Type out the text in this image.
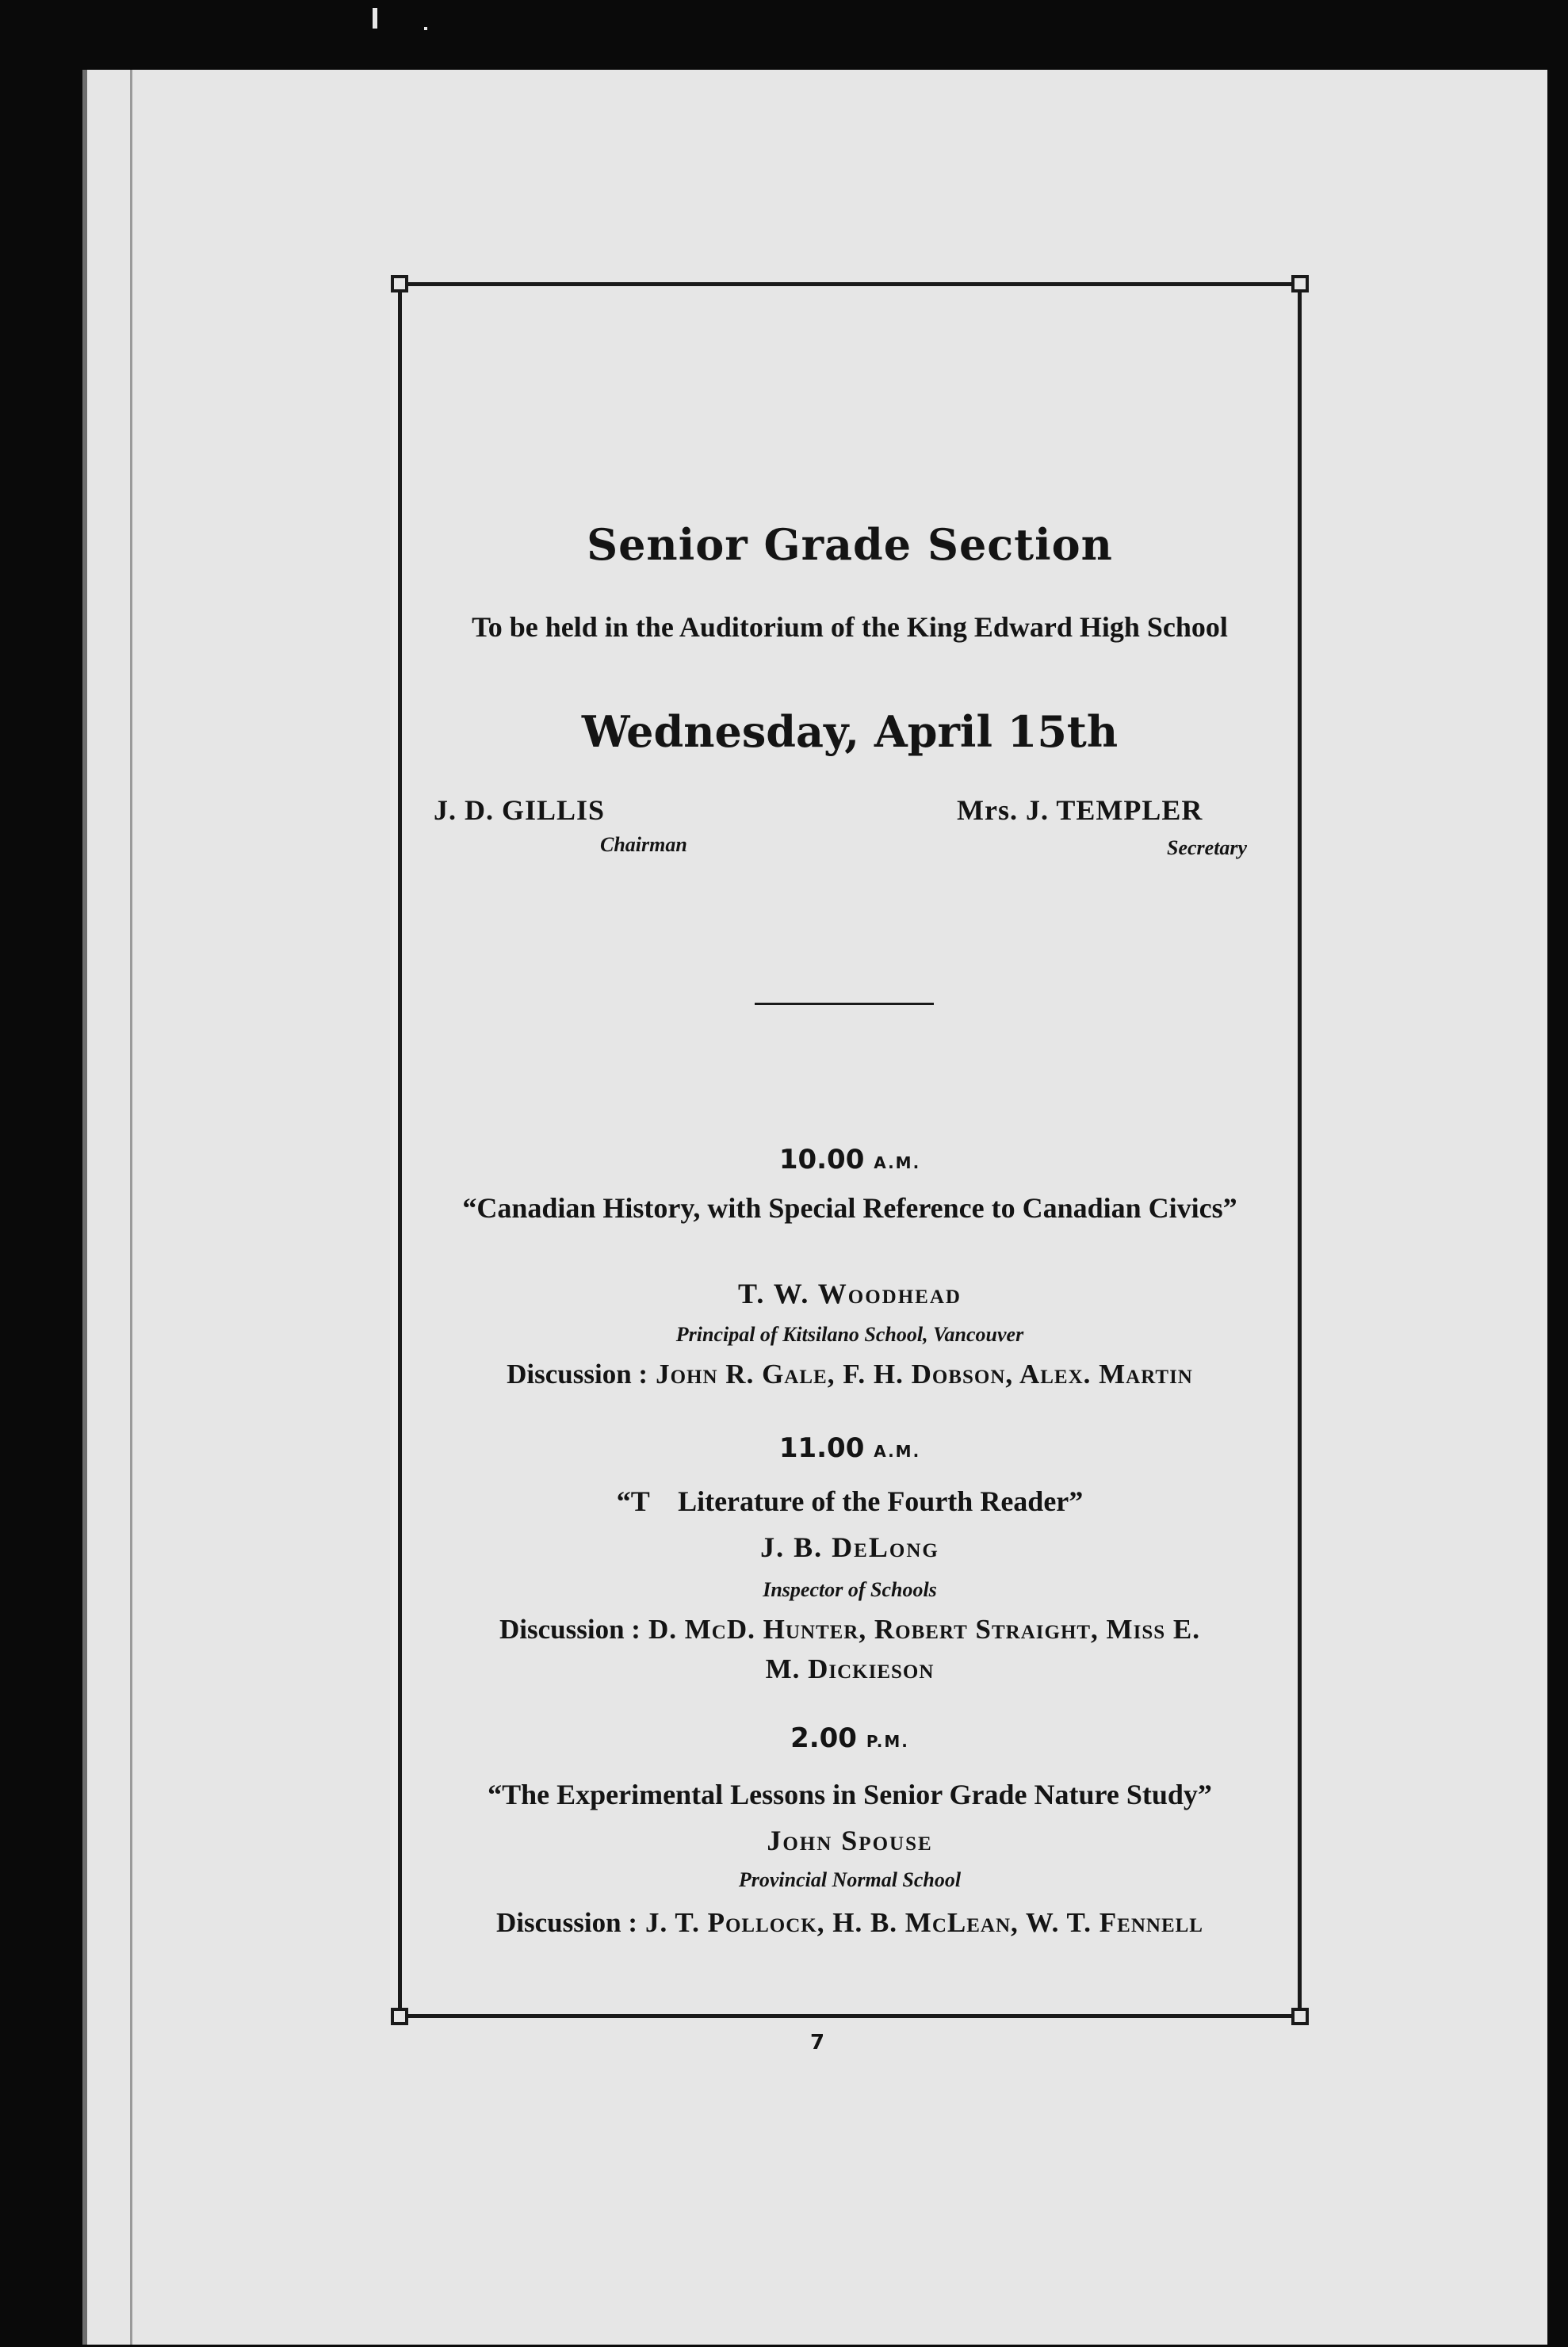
Senior Grade Section
To be held in the Auditorium of the King Edward High School
Wednesday, April 15th
J. D. GILLIS
Chairman
Mrs. J. TEMPLER
Secretary
10.00 A.M.
“Canadian History, with Special Reference to Canadian Civics”
T. W. Woodhead
Principal of Kitsilano School, Vancouver
Discussion : John R. Gale, F. H. Dobson, Alex. Martin
11.00 A.M.
“T    Literature of the Fourth Reader”
J. B. DeLong
Inspector of Schools
Discussion : D. McD. Hunter, Robert Straight, Miss E. M. Dickieson
2.00 P.M.
“The Experimental Lessons in Senior Grade Nature Study”
John Spouse
Provincial Normal School
Discussion : J. T. Pollock, H. B. McLean, W. T. Fennell
7
